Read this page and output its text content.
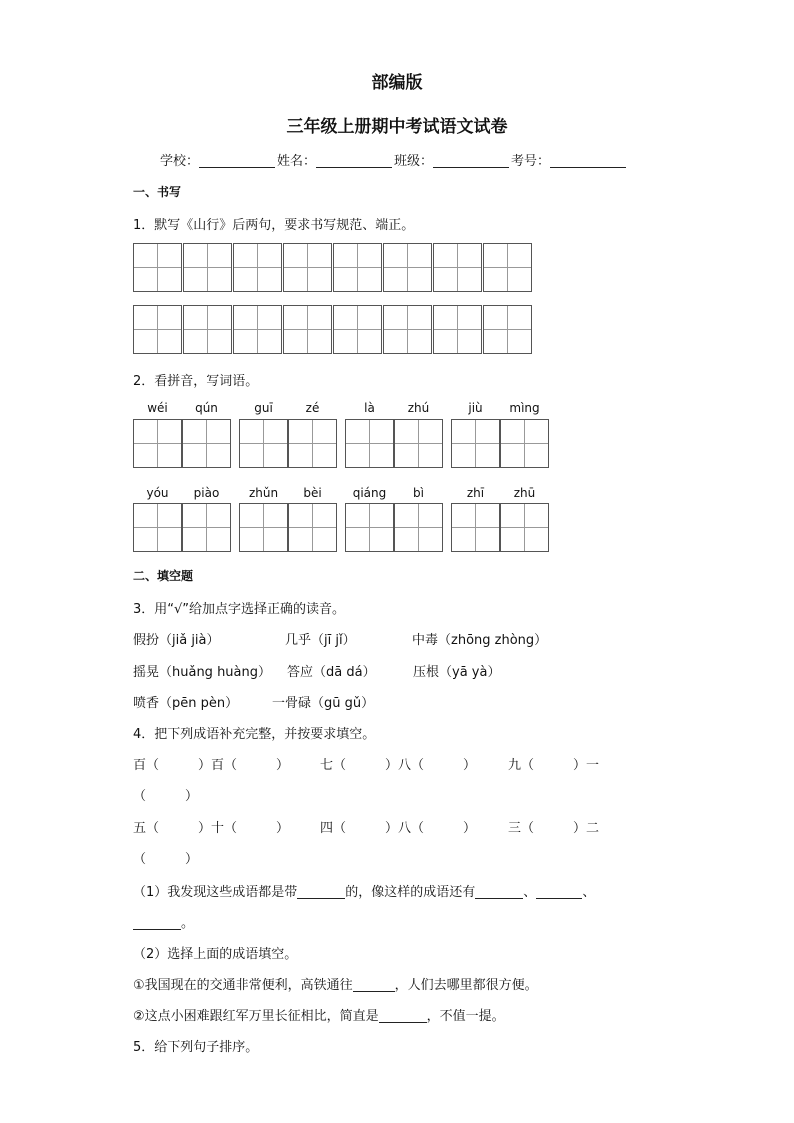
部编版
三年级上册期中考试语文试卷
学校：	姓名：	班级：	考号：
一、书写
1．默写《山行》后两句，要求书写规范、端正。
2．看拼音，写词语。
wéi	qún	guī	zé	là	zhú	jiù	mìng
yóu	piào	zhǔn	bèi	qiáng	bì	zhī	zhū
二、填空题
3．用“√”给加点字选择正确的读音。
假扮（jiǎ jià）	几乎（jī jǐ）	中毒（zhōng zhòng）
摇晃（huǎng huàng） 答应（dā dá）	压根（yā yà）
喷香（pēn pèn）	一骨碌（gū gǔ）
4．把下列成语补充完整，并按要求填空。
百（　　　）百（　　　） 七（　　　）八（　　　） 九（　　　）一
（　　　）
五（　　　）十（　　　） 四（　　　）八（　　　） 三（　　　）二
（　　　）
（1）我发现这些成语都是带	的，像这样的成语还有	、	、
。
（2）选择上面的成语填空。
①我国现在的交通非常便利，高铁通往	，人们去哪里都很方便。
②这点小困难跟红军万里长征相比，简直是	，不值一提。
5．给下列句子排序。
